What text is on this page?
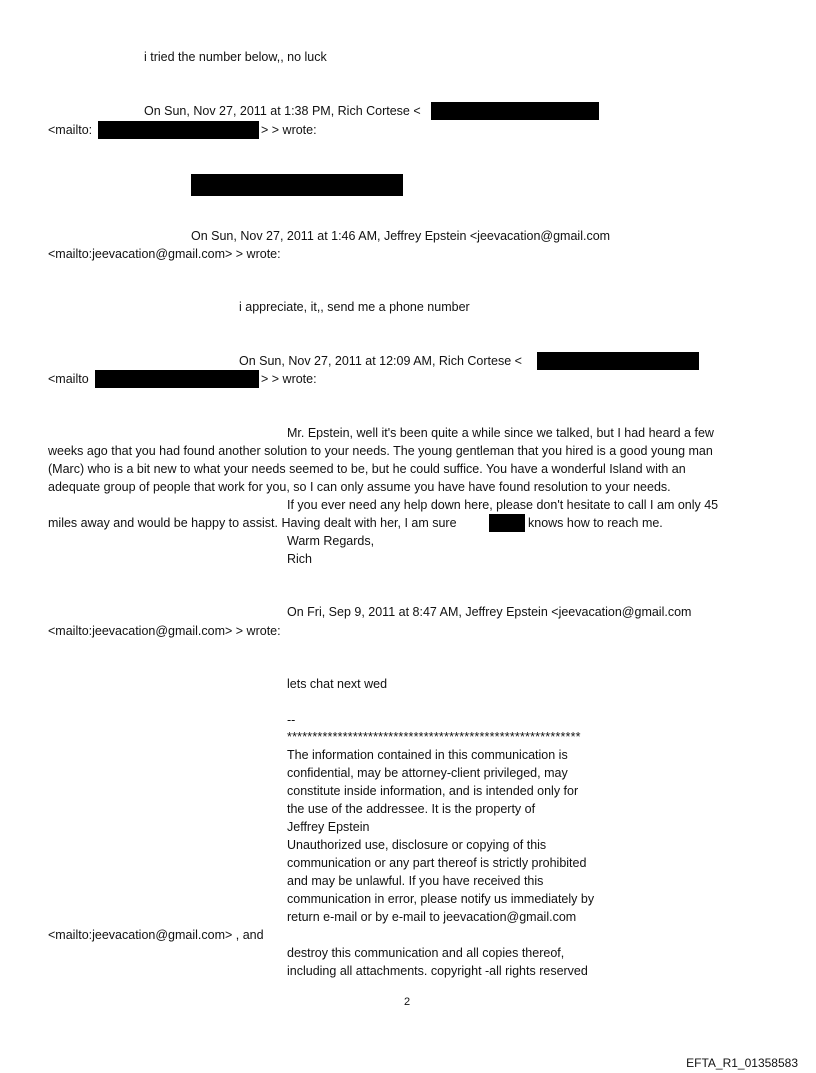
i tried the number below,, no luck
On Sun, Nov 27, 2011 at 1:38 PM, Rich Cortese <
<mailto:	> > wrote:
On Sun, Nov 27, 2011 at 1:46 AM, Jeffrey Epstein <jeevacation@gmail.com
<mailto:jeevacation@gmail.com> > wrote:
i appreciate, it,, send me a phone number
On Sun, Nov 27, 2011 at 12:09 AM, Rich Cortese <
<mailto	> > wrote:
Mr. Epstein, well it's been quite a while since we talked, but I had heard a few
weeks ago that you had found another solution to your needs. The young gentleman that you hired is a good young man
(Marc) who is a bit new to what your needs seemed to be, but he could suffice. You have a wonderful Island with an
adequate group of people that work for you, so I can only assume you have have found resolution to your needs.
If you ever need any help down here, please don't hesitate to call I am only 45
miles away and would be happy to assist. Having dealt with her, I am sure	knows how to reach me.
Warm Regards,
Rich
On Fri, Sep 9, 2011 at 8:47 AM, Jeffrey Epstein <jeevacation@gmail.com
<mailto:jeevacation@gmail.com> > wrote:
lets chat next wed
--
**********************************************************
The information contained in this communication is
confidential, may be attorney-client privileged, may
constitute inside information, and is intended only for
the use of the addressee. It is the property of
Jeffrey Epstein
Unauthorized use, disclosure or copying of this
communication or any part thereof is strictly prohibited
and may be unlawful. If you have received this
communication in error, please notify us immediately by
return e-mail or by e-mail to jeevacation@gmail.com
<mailto:jeevacation@gmail.com> , and
destroy this communication and all copies thereof,
including all attachments. copyright -all rights reserved
2
EFTA_R1_01358583
